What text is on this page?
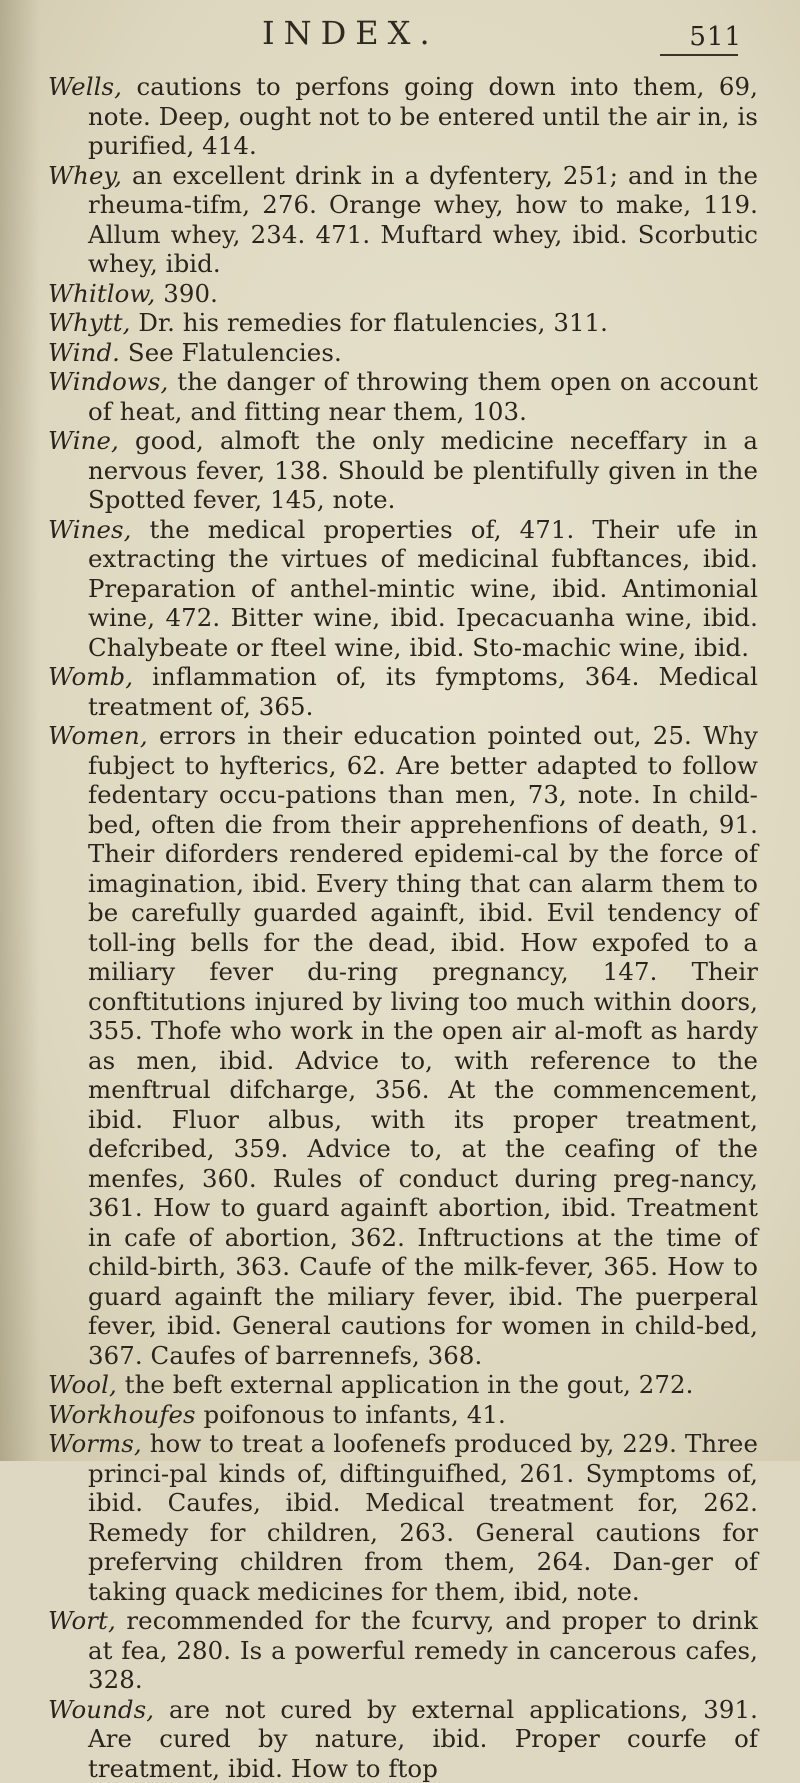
INDEX.	511

Wells, cautions to perfons going down into them, 69, note. Deep, ought not to be entered until the air in, is purified, 414.

Whey, an excellent drink in a dyfentery, 251; and in the rheuma-tifm, 276. Orange whey, how to make, 119. Allum whey, 234. 471. Muftard whey, ibid. Scorbutic whey, ibid.

Whitlow, 390.

Whytt, Dr. his remedies for flatulencies, 311.

Wind. See Flatulencies.

Windows, the danger of throwing them open on account of heat, and fitting near them, 103.

Wine, good, almoft the only medicine neceffary in a nervous fever, 138. Should be plentifully given in the Spotted fever, 145, note.

Wines, the medical properties of, 471. Their ufe in extracting the virtues of medicinal fubftances, ibid. Preparation of anthel-mintic wine, ibid. Antimonial wine, 472. Bitter wine, ibid. Ipecacuanha wine, ibid. Chalybeate or fteel wine, ibid. Sto-machic wine, ibid.

Womb, inflammation of, its fymptoms, 364. Medical treatment of, 365.

Women, errors in their education pointed out, 25. Why fubject to hyfterics, 62. Are better adapted to follow fedentary occu-pations than men, 73, note. In child-bed, often die from their apprehenfions of death, 91. Their diforders rendered epidemi-cal by the force of imagination, ibid. Every thing that can alarm them to be carefully guarded againft, ibid. Evil tendency of toll-ing bells for the dead, ibid. How expofed to a miliary fever du-ring pregnancy, 147. Their conftitutions injured by living too much within doors, 355. Thofe who work in the open air al-moft as hardy as men, ibid. Advice to, with reference to the menftrual difcharge, 356. At the commencement, ibid. Fluor albus, with its proper treatment, defcribed, 359. Advice to, at the ceafing of the menfes, 360. Rules of conduct during preg-nancy, 361. How to guard againft abortion, ibid. Treatment in cafe of abortion, 362. Inftructions at the time of child-birth, 363. Caufe of the milk-fever, 365. How to guard againft the miliary fever, ibid. The puerperal fever, ibid. General cautions for women in child-bed, 367. Caufes of barrennefs, 368.

Wool, the beft external application in the gout, 272.

Workhoufes poifonous to infants, 41.

Worms, how to treat a loofenefs produced by, 229. Three princi-pal kinds of, diftinguifhed, 261. Symptoms of, ibid. Caufes, ibid. Medical treatment for, 262. Remedy for children, 263. General cautions for preferving children from them, 264. Dan-ger of taking quack medicines for them, ibid, note.

Wort, recommended for the fcurvy, and proper to drink at fea, 280. Is a powerful remedy in cancerous cafes, 328.

Wounds, are not cured by external applications, 391. Are cured by nature, ibid. Proper courfe of treatment, ibid. How to ftop
